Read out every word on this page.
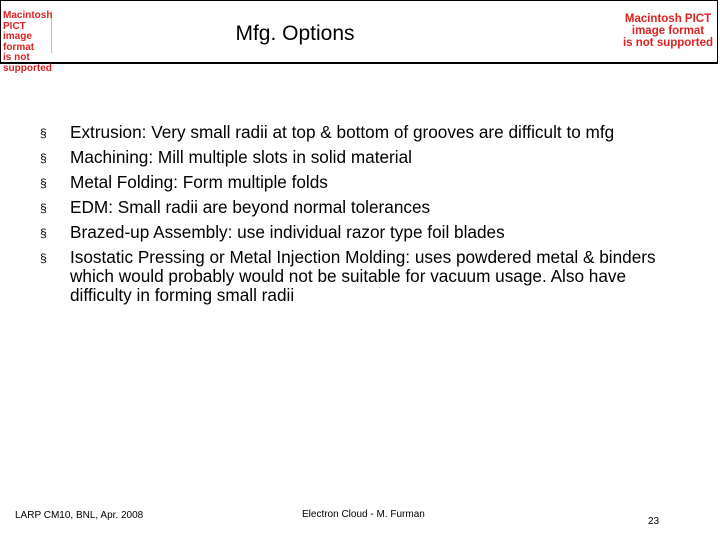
Macintosh PICT
image format
is not supported
Mfg. Options
Macintosh PICT
image format
is not supported
§ Extrusion: Very small radii at top & bottom of grooves are difficult to mfg
§ Machining: Mill multiple slots in solid material
§ Metal Folding: Form multiple folds
§ EDM: Small radii are beyond normal tolerances
§ Brazed-up Assembly: use individual razor type foil blades
§ Isostatic Pressing or Metal Injection Molding: uses powdered metal & binders which would probably would not be suitable for vacuum usage. Also have difficulty in forming small radii
LARP CM10, BNL, Apr. 2008	Electron Cloud - M. Furman
23
